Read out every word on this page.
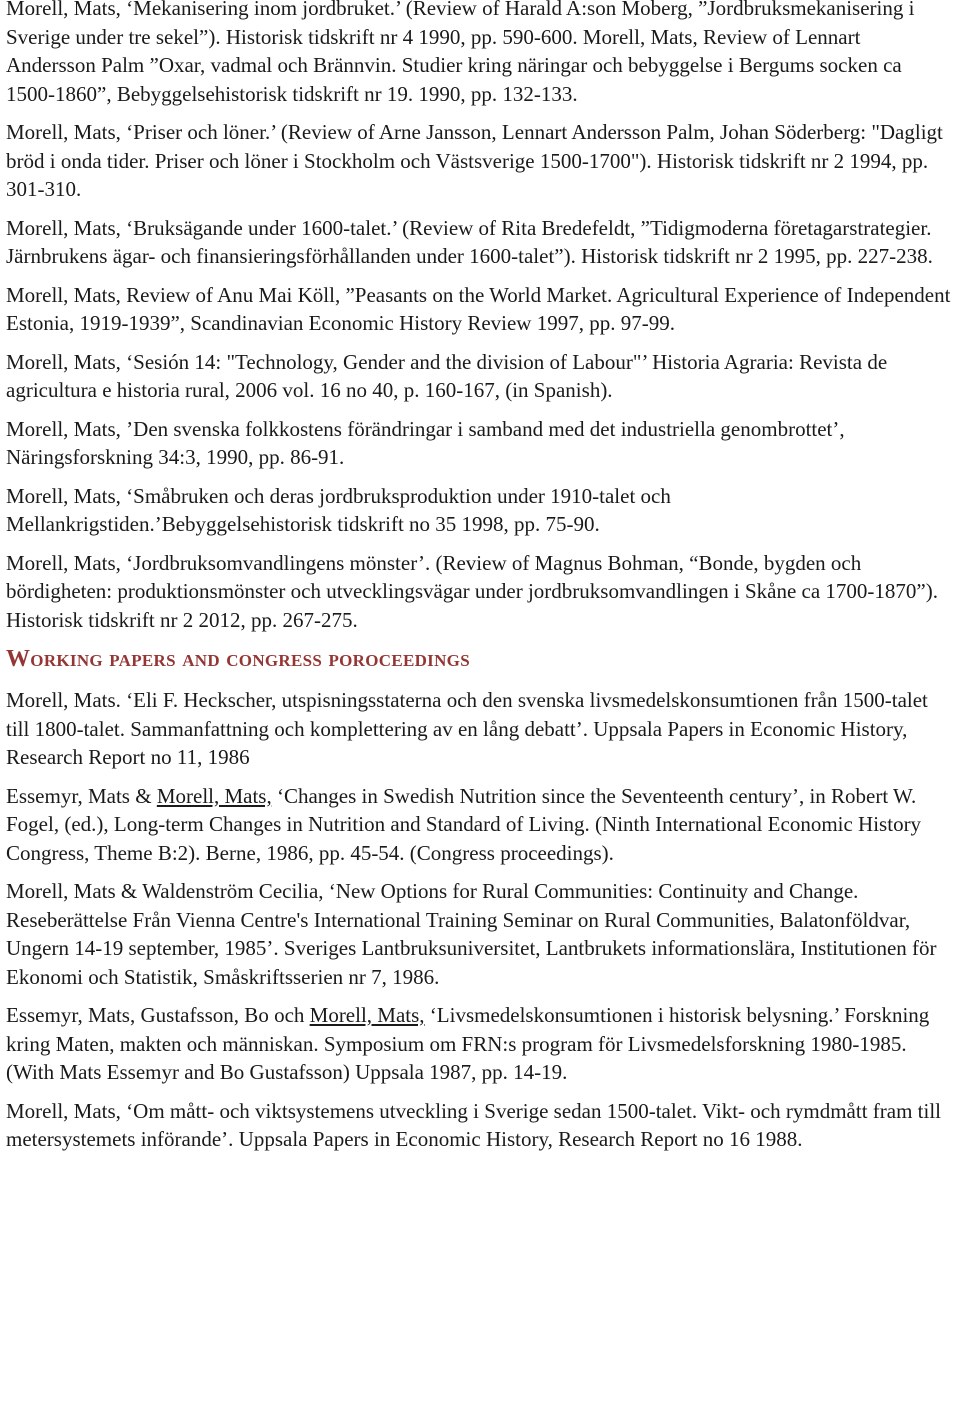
Morell, Mats, ‘Mekanisering inom jordbruket.’ (Review of Harald A:son Moberg, ”Jordbruksmekanisering i Sverige under tre sekel”). Historisk tidskrift nr 4 1990, pp. 590-600. Morell, Mats, Review of Lennart Andersson Palm ”Oxar, vadmal och Brännvin. Studier kring näringar och bebyggelse i Bergums socken ca 1500-1860”, Bebyggelsehistorisk tidskrift nr 19. 1990, pp. 132-133.

Morell, Mats, ‘Priser och löner.’ (Review of Arne Jansson, Lennart Andersson Palm, Johan Söderberg: "Dagligt bröd i onda tider. Priser och löner i Stockholm och Västsverige 1500-1700"). Historisk tidskrift nr 2 1994, pp. 301-310.

Morell, Mats, ‘Bruksägande under 1600-talet.’ (Review of Rita Bredefeldt, ”Tidigmoderna företagarstrategier. Järnbrukens ägar- och finansieringsförhållanden under 1600-talet”). Historisk tidskrift nr 2 1995, pp. 227-238.

Morell, Mats, Review of Anu Mai Köll, ”Peasants on the World Market. Agricultural Experience of Independent Estonia, 1919-1939”, Scandinavian Economic History Review 1997, pp. 97-99.

Morell, Mats, ‘Sesión 14: "Technology, Gender and the division of Labour"’ Historia Agraria: Revista de agricultura e historia rural, 2006 vol. 16 no 40, p. 160-167, (in Spanish).

Morell, Mats, ’Den svenska folkkostens förändringar i samband med det industriella genombrottet’, Näringsforskning 34:3, 1990, pp. 86-91.

Morell, Mats, ‘Småbruken och deras jordbruksproduktion under 1910-talet och Mellankrigstiden.’Bebyggelsehistorisk tidskrift no 35 1998, pp. 75-90.

Morell, Mats, ‘Jordbruksomvandlingens mönster’. (Review of Magnus Bohman, “Bonde, bygden och bördigheten: produktionsmönster och utvecklingsvägar under jordbruksomvandlingen i Skåne ca 1700-1870”). Historisk tidskrift nr 2 2012, pp. 267-275.

Working papers and congress poroceedings

Morell, Mats. ‘Eli F. Heckscher, utspisningsstaterna och den svenska livsmedelskonsumtionen från 1500-talet till 1800-talet. Sammanfattning och komplettering av en lång debatt’. Uppsala Papers in Economic History, Research Report no 11, 1986

Essemyr, Mats & Morell, Mats, ‘Changes in Swedish Nutrition since the Seventeenth century’, in Robert W. Fogel, (ed.), Long-term Changes in Nutrition and Standard of Living. (Ninth International Economic History Congress, Theme B:2). Berne, 1986, pp. 45-54. (Congress proceedings).

Morell, Mats & Waldenström Cecilia, ‘New Options for Rural Communities: Continuity and Change. Reseberättelse Från Vienna Centre's International Training Seminar on Rural Communities, Balatonföldvar, Ungern 14-19 september, 1985’. Sveriges Lantbruksuniversitet, Lantbrukets informationslära, Institutionen för Ekonomi och Statistik, Småskriftsserien nr 7, 1986.

Essemyr, Mats, Gustafsson, Bo och Morell, Mats, ‘Livsmedelskonsumtionen i historisk belysning.’ Forskning kring Maten, makten och människan. Symposium om FRN:s program för Livsmedelsforskning 1980-1985. (With Mats Essemyr and Bo Gustafsson) Uppsala 1987, pp. 14-19.

Morell, Mats, ‘Om mått- och viktsystemens utveckling i Sverige sedan 1500-talet. Vikt- och rymdmått fram till metersystemets införande’. Uppsala Papers in Economic History, Research Report no 16 1988.
